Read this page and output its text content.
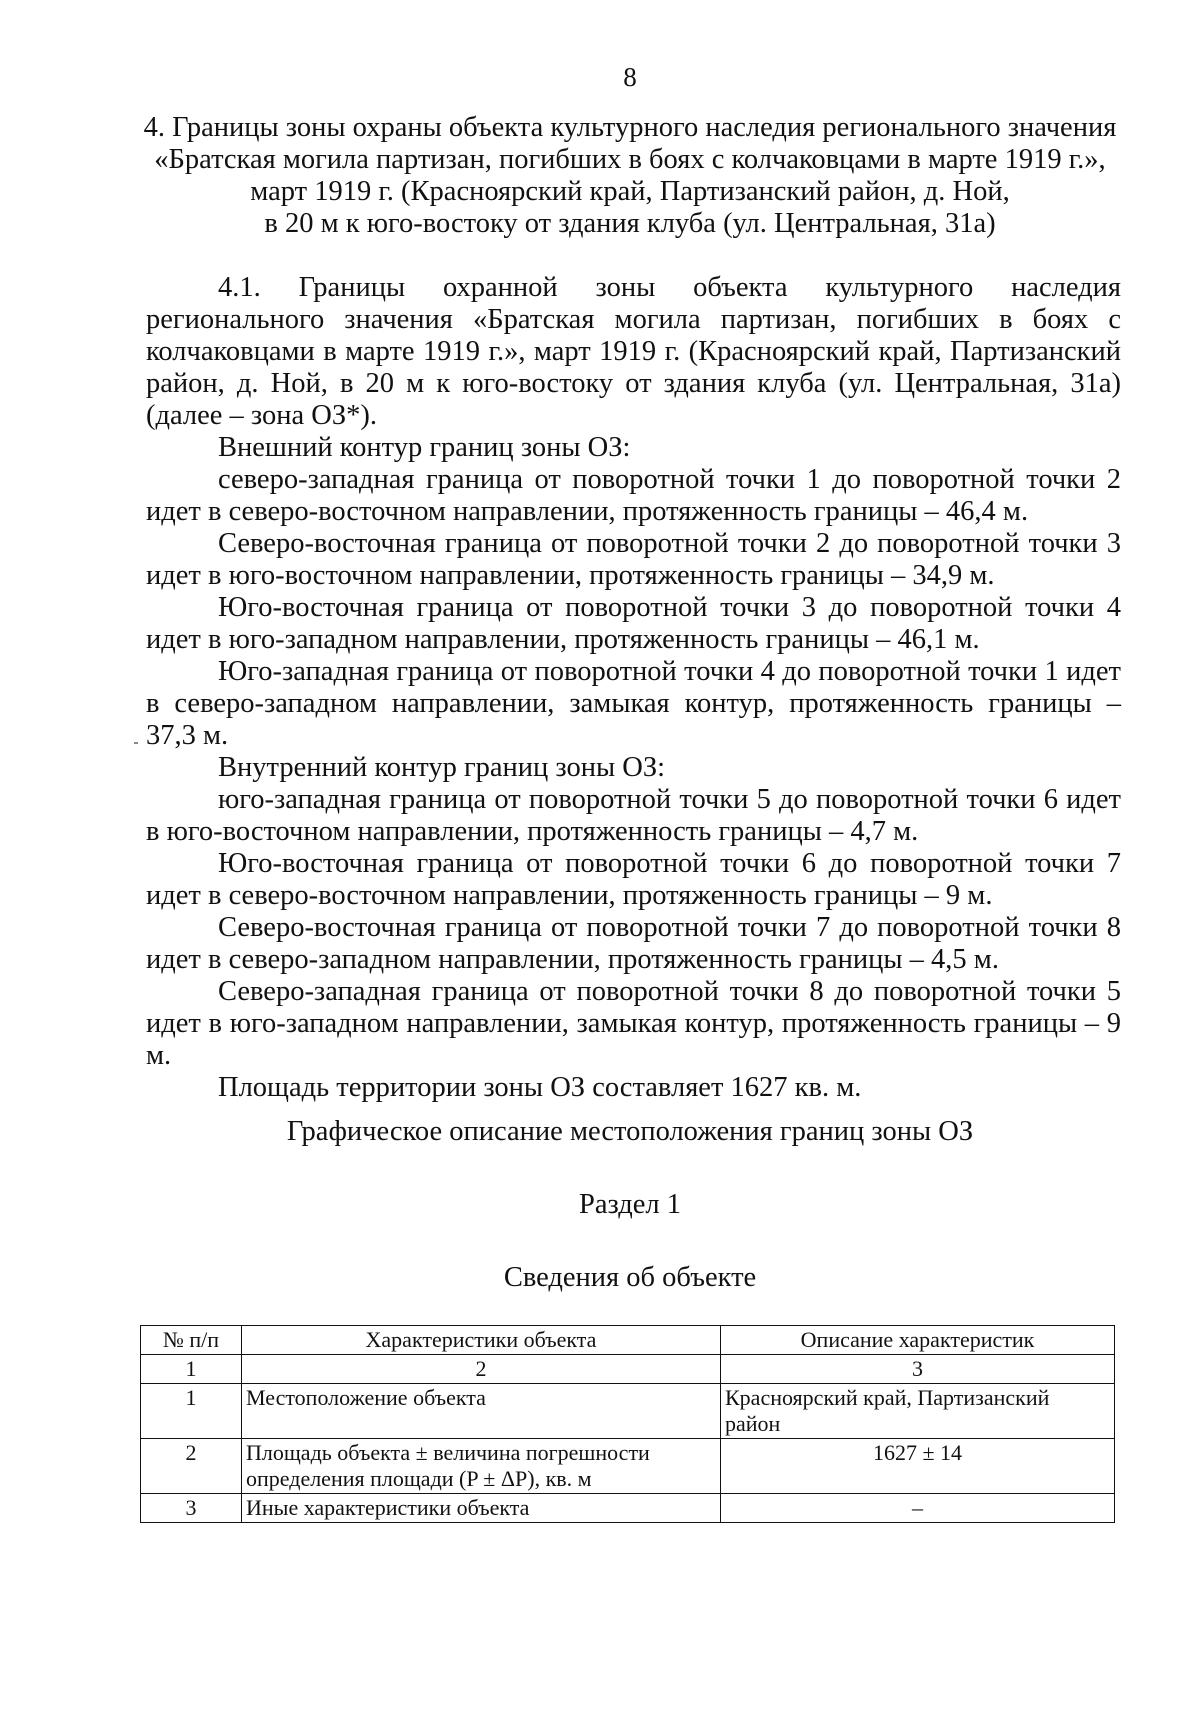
8
4. Границы зоны охраны объекта культурного наследия регионального значения
«Братская могила партизан, погибших в боях с колчаковцами в марте 1919 г.»,
март 1919 г. (Красноярский край, Партизанский район, д. Ной,
в 20 м к юго-востоку от здания клуба (ул. Центральная, 31а)

4.1. Границы охранной зоны объекта культурного наследия регионального значения «Братская могила партизан, погибших в боях с колчаковцами в марте 1919 г.», март 1919 г. (Красноярский край, Партизанский район, д. Ной, в 20 м к юго-востоку от здания клуба (ул. Центральная, 31а) (далее – зона ОЗ*).

Внешний контур границ зоны ОЗ:

северо-западная граница от поворотной точки 1 до поворотной точки 2 идет в северо-восточном направлении, протяженность границы – 46,4 м.

Северо-восточная граница от поворотной точки 2 до поворотной точки 3 идет в юго-восточном направлении, протяженность границы – 34,9 м.

Юго-восточная граница от поворотной точки 3 до поворотной точки 4 идет в юго-западном направлении, протяженность границы – 46,1 м.

Юго-западная граница от поворотной точки 4 до поворотной точки 1 идет в северо-западном направлении, замыкая контур, протяженность границы – 37,3 м.

Внутренний контур границ зоны ОЗ:

юго-западная граница от поворотной точки 5 до поворотной точки 6 идет в юго-восточном направлении, протяженность границы – 4,7 м.

Юго-восточная граница от поворотной точки 6 до поворотной точки 7 идет в северо-восточном направлении, протяженность границы – 9 м.

Северо-восточная граница от поворотной точки 7 до поворотной точки 8 идет в северо-западном направлении, протяженность границы – 4,5 м.

Северо-западная граница от поворотной точки 8 до поворотной точки 5 идет в юго-западном направлении, замыкая контур, протяженность границы – 9 м.

Площадь территории зоны ОЗ составляет 1627 кв. м.

Графическое описание местоположения границ зоны ОЗ
Раздел 1
Сведения об объекте
№ п/п	Характеристики объекта	Описание характеристик
1	2	3
1	Местоположение объекта	Красноярский край, Партизанский район
2	Площадь объекта ± величина погрешности определения площади (P ± ΔP), кв. м	1627 ± 14
3	Иные характеристики объекта	–
